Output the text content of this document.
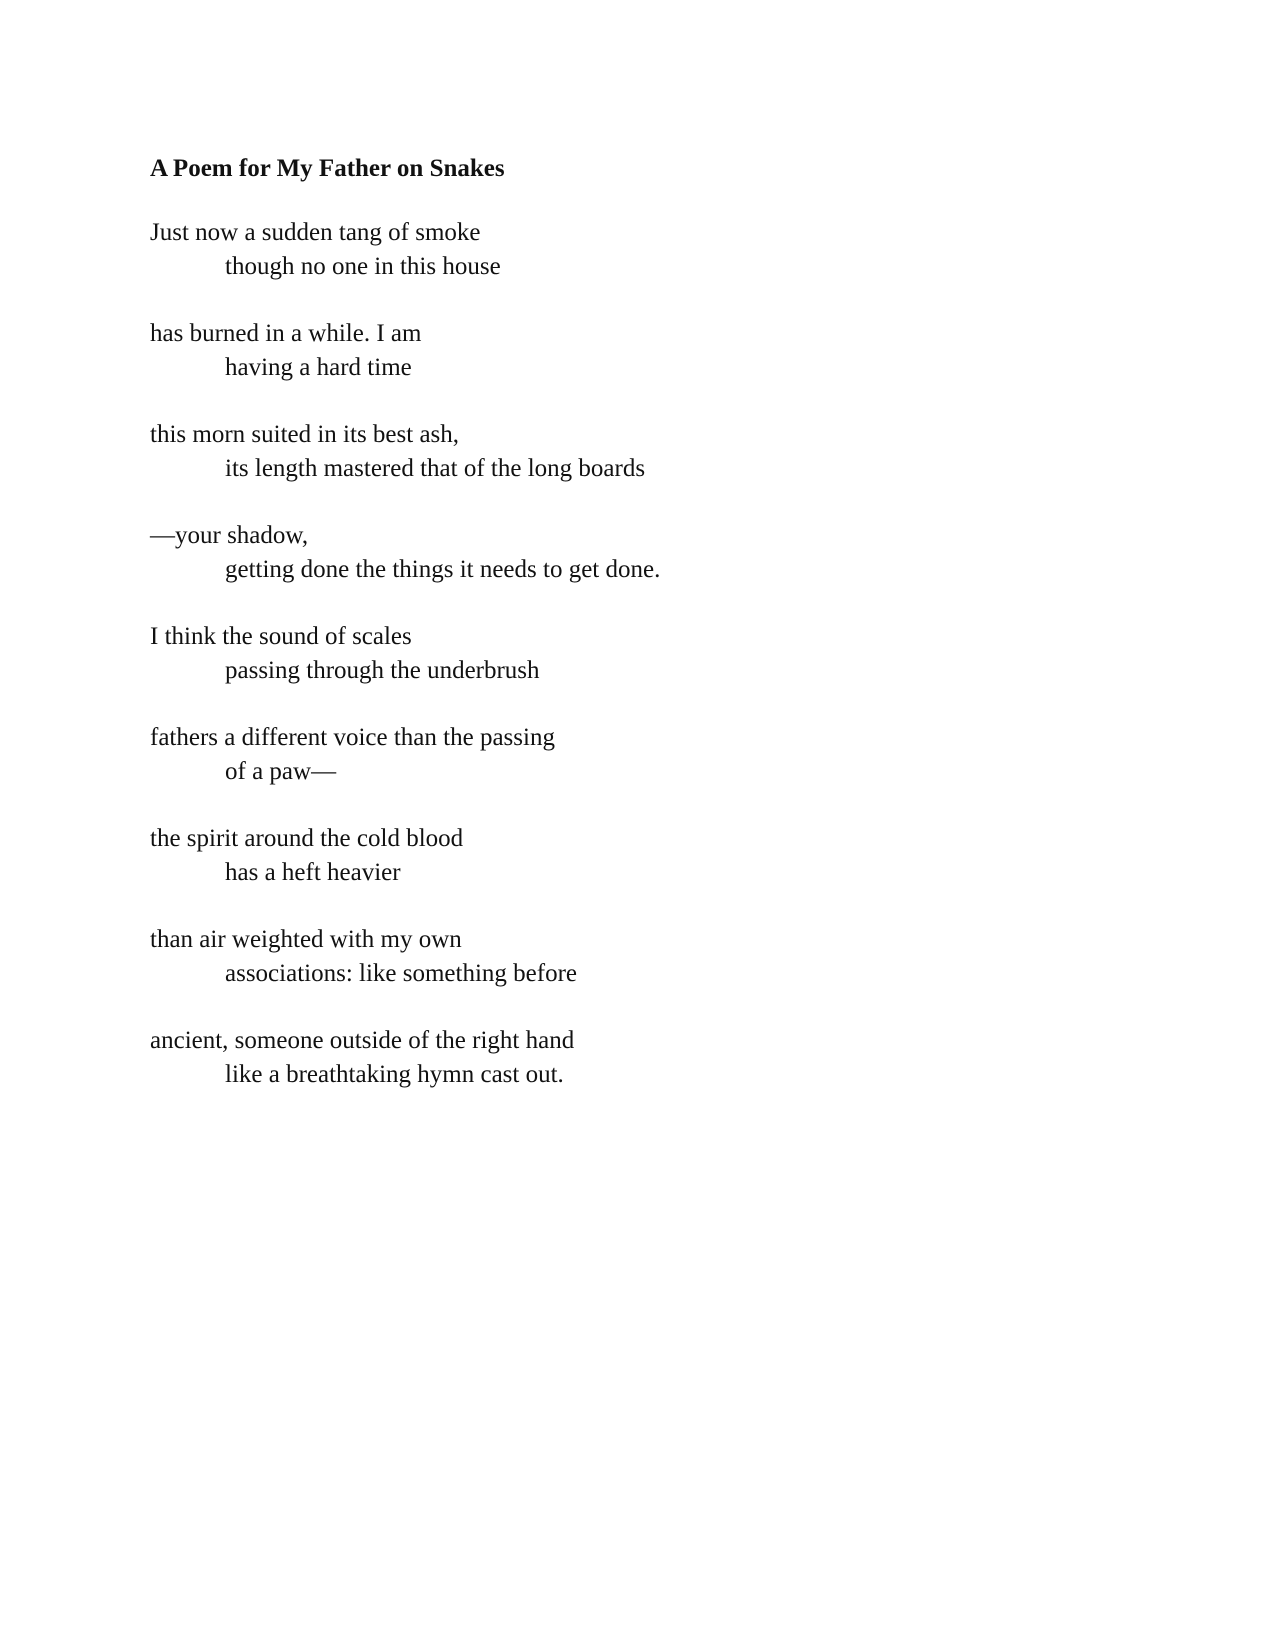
A Poem for My Father on Snakes
Just now a sudden tang of smoke
though no one in this house
has burned in a while. I am
having a hard time
this morn suited in its best ash,
its length mastered that of the long boards
—your shadow,
getting done the things it needs to get done.
I think the sound of scales
passing through the underbrush
fathers a different voice than the passing
of a paw—
the spirit around the cold blood
has a heft heavier
than air weighted with my own
associations: like something before
ancient, someone outside of the right hand
like a breathtaking hymn cast out.
